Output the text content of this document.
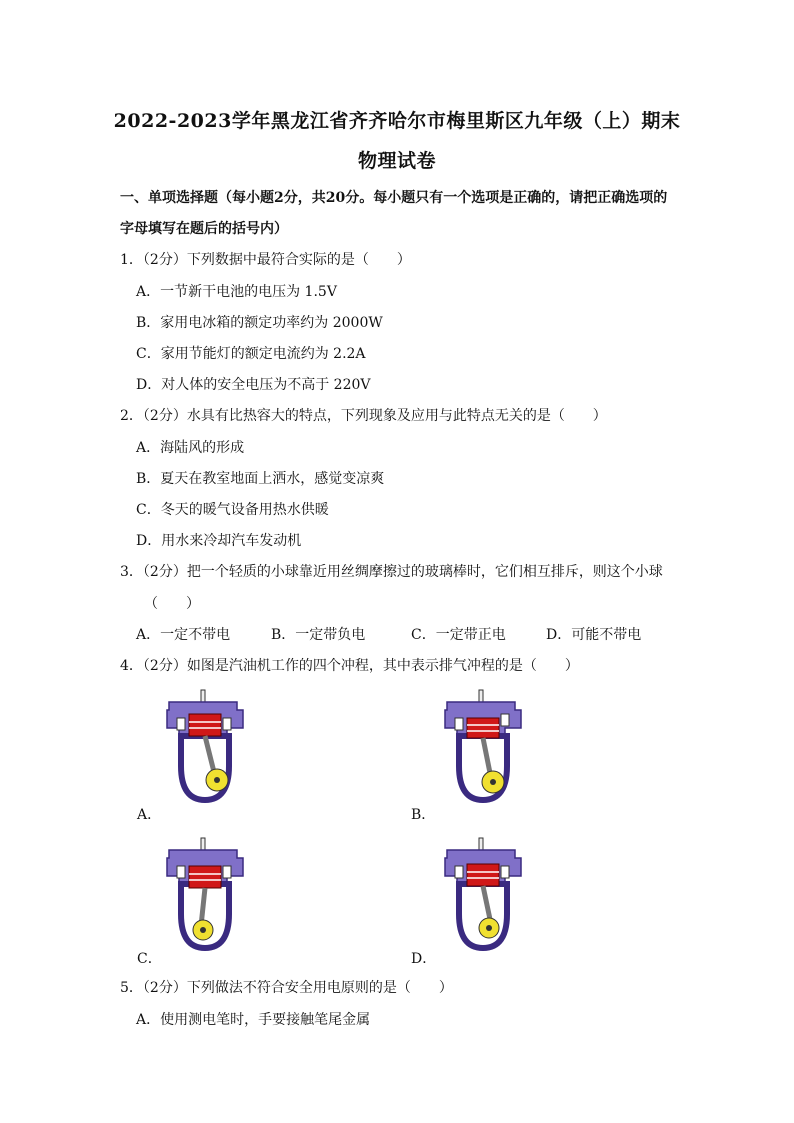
2022-2023学年黑龙江省齐齐哈尔市梅里斯区九年级（上）期末
物理试卷
一、单项选择题（每小题2分，共20分。每小题只有一个选项是正确的，请把正确选项的
字母填写在题后的括号内）
1．（2分）下列数据中最符合实际的是（　　）
A．一节新干电池的电压为 1.5V
B．家用电冰箱的额定功率约为 2000W
C．家用节能灯的额定电流约为 2.2A
D．对人体的安全电压为不高于 220V
2．（2分）水具有比热容大的特点，下列现象及应用与此特点无关的是（　　）
A．海陆风的形成
B．夏天在教室地面上洒水，感觉变凉爽
C．冬天的暖气设备用热水供暖
D．用水来冷却汽车发动机
3．（2分）把一个轻质的小球靠近用丝绸摩擦过的玻璃棒时，它们相互排斥，则这个小球
（　　）
A．一定不带电	B．一定带负电	C．一定带正电	D．可能不带电
4．（2分）如图是汽油机工作的四个冲程，其中表示排气冲程的是（　　）
A．	B．
C．	D．
5．（2分）下列做法不符合安全用电原则的是（　　）
A．使用测电笔时，手要接触笔尾金属
